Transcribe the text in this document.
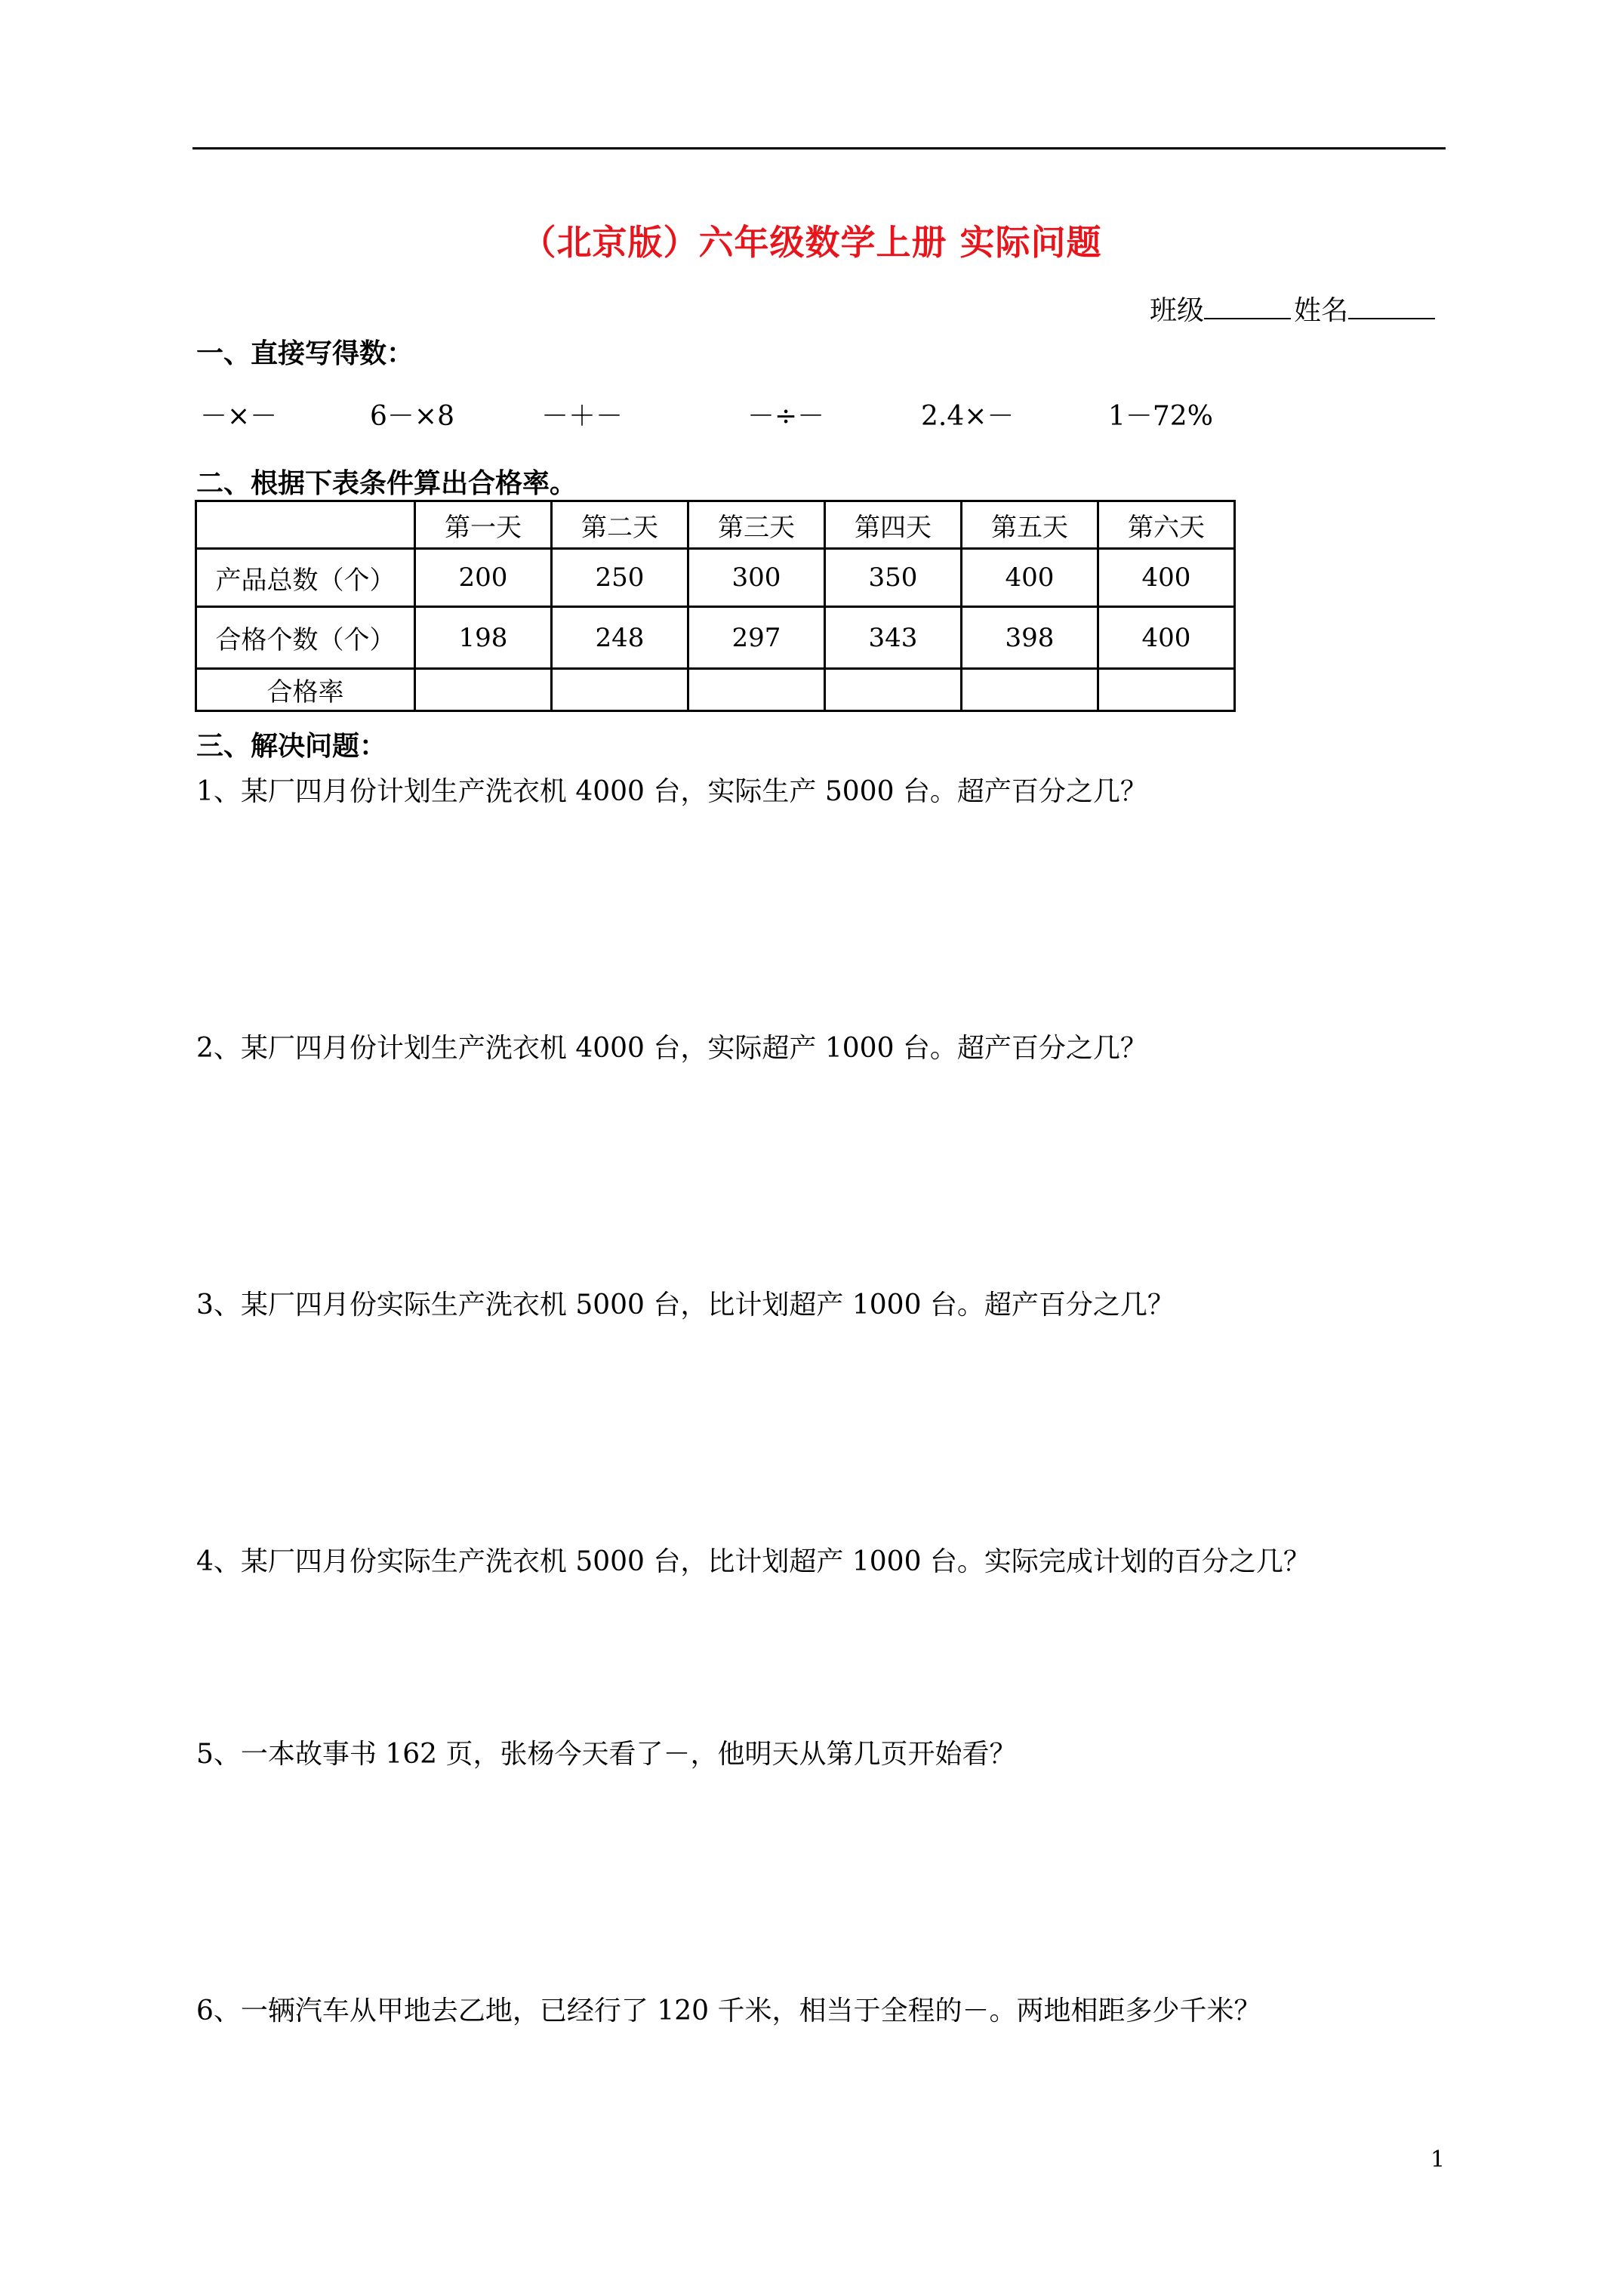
（北京版）六年级数学上册 实际问题
班级	姓名
一、直接写得数：
－×－	6－×8	－＋－	－÷－	2.4×－	1－72%
二、根据下表条件算出合格率。
	第一天	第二天	第三天	第四天	第五天	第六天
产品总数（个）	200	250	300	350	400	400
合格个数（个）	198	248	297	343	398	400
合格率						
三、解决问题：
1、某厂四月份计划生产洗衣机 4000 台，实际生产 5000 台。超产百分之几？
2、某厂四月份计划生产洗衣机 4000 台，实际超产 1000 台。超产百分之几？
3、某厂四月份实际生产洗衣机 5000 台，比计划超产 1000 台。超产百分之几？
4、某厂四月份实际生产洗衣机 5000 台，比计划超产 1000 台。实际完成计划的百分之几？
5、一本故事书 162 页，张杨今天看了－，他明天从第几页开始看？
6、一辆汽车从甲地去乙地，已经行了 120 千米，相当于全程的－。两地相距多少千米？
1
